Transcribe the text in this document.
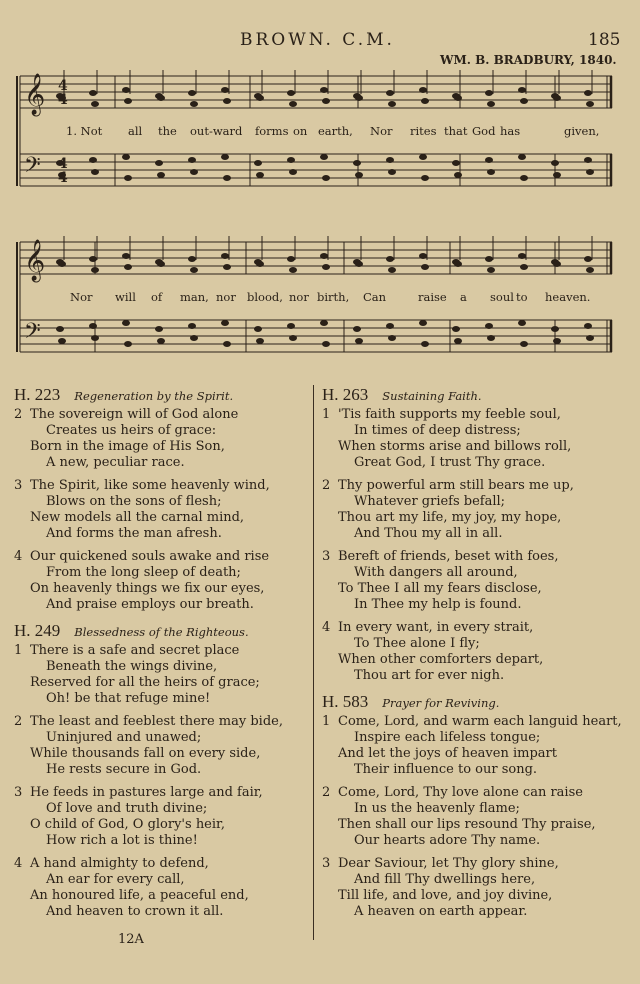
BROWN. C.M.	185
WM. B. BRADBURY, 1840.
𝄞
𝄢
4
4
4
4
𝄞
𝄢
1. Not all the out-ward forms on earth, Nor rites that God has	given,
Nor will of man, nor blood, nor birth, Can	raise a soul to heaven.
H. 223 Regeneration by the Spirit.
2 The sovereign will of God alone
Creates us heirs of grace:
Born in the image of His Son,
A new, peculiar race.
3 The Spirit, like some heavenly wind,
Blows on the sons of flesh;
New models all the carnal mind,
And forms the man afresh.
4 Our quickened souls awake and rise
From the long sleep of death;
On heavenly things we fix our eyes,
And praise employs our breath.
H. 249 Blessedness of the Righteous.
1 There is a safe and secret place
Beneath the wings divine,
Reserved for all the heirs of grace;
Oh! be that refuge mine!
2 The least and feeblest there may bide,
Uninjured and unawed;
While thousands fall on every side,
He rests secure in God.
3 He feeds in pastures large and fair,
Of love and truth divine;
O child of God, O glory's heir,
How rich a lot is thine!
4 A hand almighty to defend,
An ear for every call,
An honoured life, a peaceful end,
And heaven to crown it all.
H. 263 Sustaining Faith.
1 'Tis faith supports my feeble soul,
In times of deep distress;
When storms arise and billows roll,
Great God, I trust Thy grace.
2 Thy powerful arm still bears me up,
Whatever griefs befall;
Thou art my life, my joy, my hope,
And Thou my all in all.
3 Bereft of friends, beset with foes,
With dangers all around,
To Thee I all my fears disclose,
In Thee my help is found.
4 In every want, in every strait,
To Thee alone I fly;
When other comforters depart,
Thou art for ever nigh.
H. 583 Prayer for Reviving.
1 Come, Lord, and warm each languid heart,
Inspire each lifeless tongue;
And let the joys of heaven impart
Their influence to our song.
2 Come, Lord, Thy love alone can raise
In us the heavenly flame;
Then shall our lips resound Thy praise,
Our hearts adore Thy name.
3 Dear Saviour, let Thy glory shine,
And fill Thy dwellings here,
Till life, and love, and joy divine,
A heaven on earth appear.
12A
